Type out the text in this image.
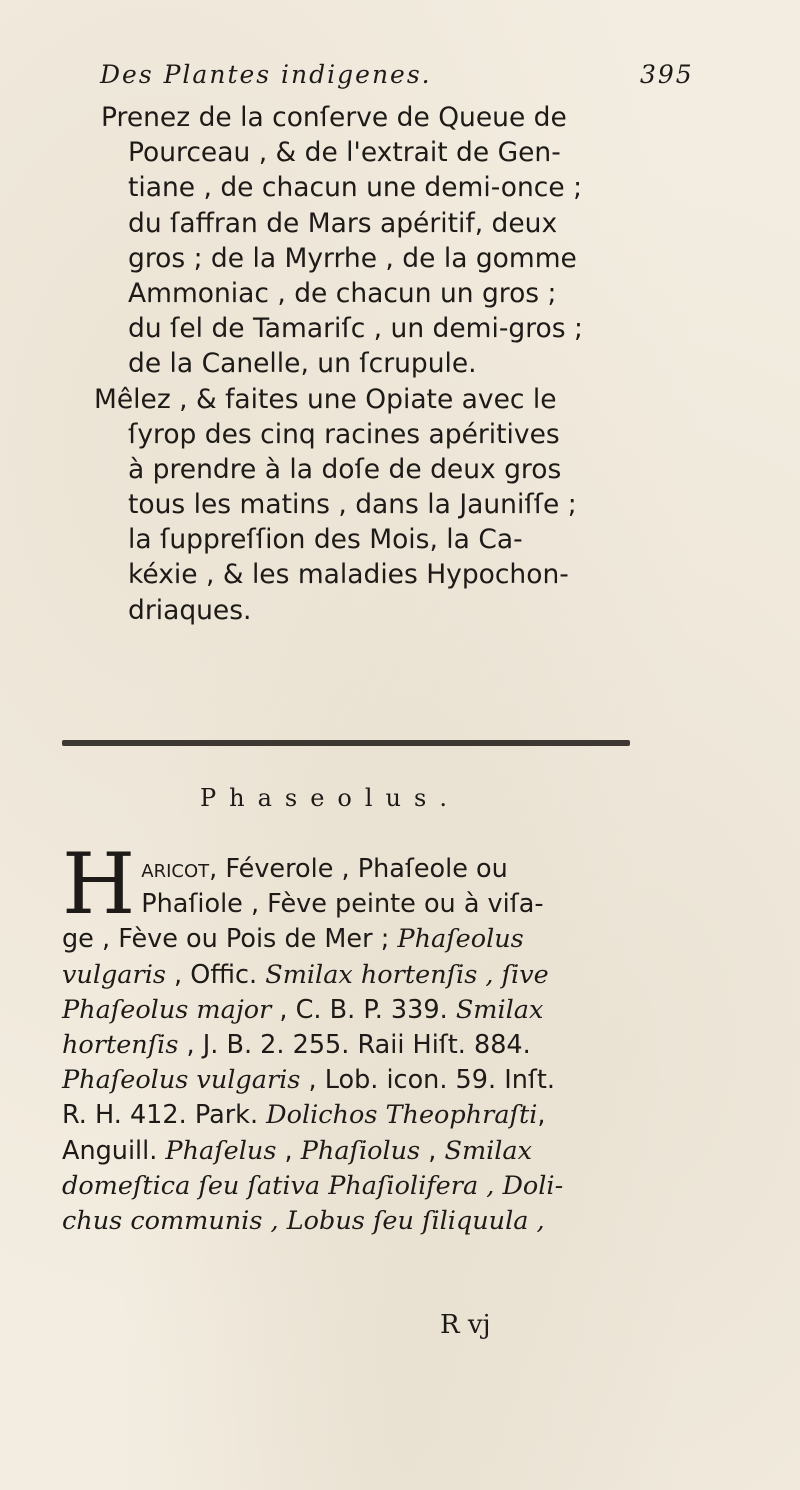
Des Plantes indigenes.	395
Prenez de la conſerve de Queue de
Pourceau , & de l'extrait de Gen-
tiane , de chacun une demi-once ;
du ſaffran de Mars apéritif, deux
gros ; de la Myrrhe , de la gomme
Ammoniac , de chacun un gros ;
du ſel de Tamariſc , un demi-gros ;
de la Canelle, un ſcrupule.
Mêlez , & faites une Opiate avec le
ſyrop des cinq racines apéritives
à prendre à la doſe de deux gros
tous les matins , dans la Jauniſſe ;
la ſuppreſſion des Mois, la Ca-
kéxie , & les maladies Hypochon-
driaques.
Phaseolus.
H aricot, Féverole , Phaſeole ou
Phaſiole , Fève peinte ou à viſa-
ge , Fève ou Pois de Mer ; Phaſeolus
vulgaris , Offic. Smilax hortenſis , ſive
Phaſeolus major , C. B. P. 339. Smilax
hortenſis , J. B. 2. 255. Raii Hiſt. 884.
Phaſeolus vulgaris , Lob. icon. 59. Inſt.
R. H. 412. Park. Dolichos Theophraſti,
Anguill. Phaſelus , Phaſiolus , Smilax
domeſtica ſeu ſativa Phaſiolifera , Doli-
chus communis , Lobus ſeu ſiliquula ,
R vj
